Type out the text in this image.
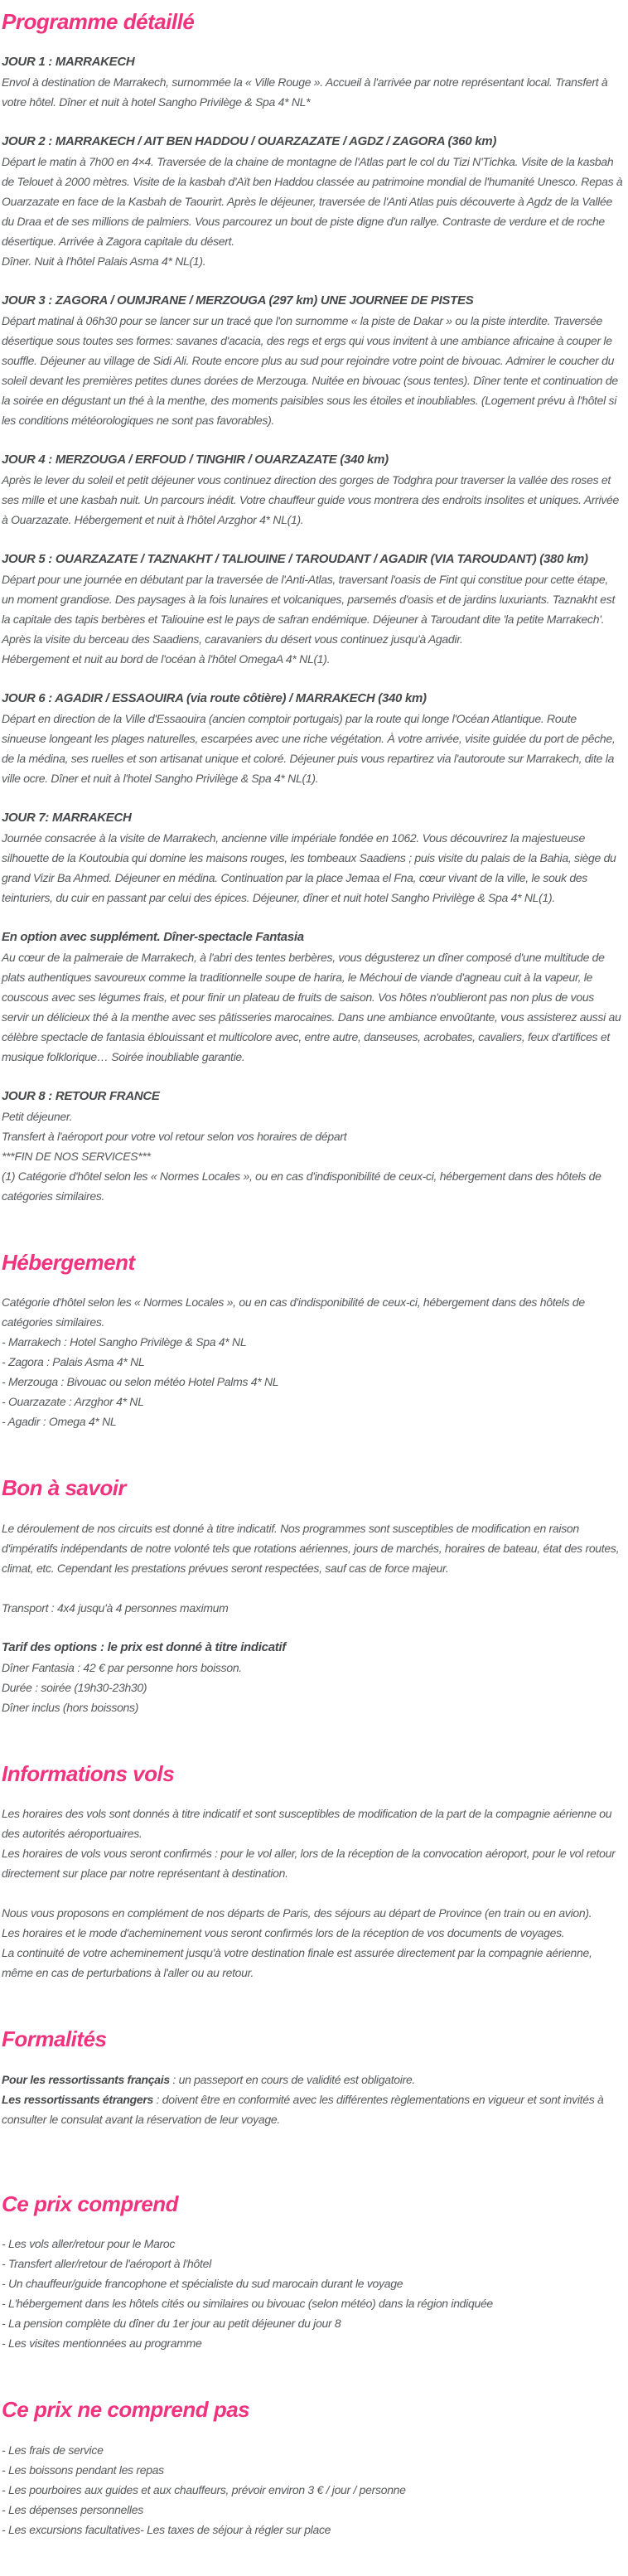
Programme détaillé
JOUR 1 : MARRAKECH

Envol à destination de Marrakech, surnommée la « Ville Rouge ». Accueil à l'arrivée par notre représentant local. Transfert à votre hôtel. Dîner et nuit à hotel Sangho Privilège & Spa 4* NL*

JOUR 2 : MARRAKECH / AIT BEN HADDOU / OUARZAZATE / AGDZ / ZAGORA (360 km)

Départ le matin à 7h00 en 4×4. Traversée de la chaine de montagne de l'Atlas part le col du Tizi N'Tichka. Visite de la kasbah de Telouet à 2000 mètres. Visite de la kasbah d'Aït ben Haddou classée au patrimoine mondial de l'humanité Unesco. Repas à Ouarzazate en face de la Kasbah de Taourirt. Après le déjeuner, traversée de l'Anti Atlas puis découverte à Agdz de la Vallée du Draa et de ses millions de palmiers. Vous parcourez un bout de piste digne d'un rallye. Contraste de verdure et de roche désertique. Arrivée à Zagora capitale du désert.

Dîner. Nuit à l'hôtel Palais Asma 4* NL(1).

JOUR 3 : ZAGORA / OUMJRANE / MERZOUGA (297 km) UNE JOURNEE DE PISTES

Départ matinal à 06h30 pour se lancer sur un tracé que l'on surnomme « la piste de Dakar » ou la piste interdite. Traversée désertique sous toutes ses formes: savanes d'acacia, des regs et ergs qui vous invitent à une ambiance africaine à couper le souffle. Déjeuner au village de Sidi Ali. Route encore plus au sud pour rejoindre votre point de bivouac. Admirer le coucher du soleil devant les premières petites dunes dorées de Merzouga. Nuitée en bivouac (sous tentes). Dîner tente et continuation de la soirée en dégustant un thé à la menthe, des moments paisibles sous les étoiles et inoubliables. (Logement prévu à l'hôtel si les conditions météorologiques ne sont pas favorables).

JOUR 4 : MERZOUGA / ERFOUD / TINGHIR / OUARZAZATE (340 km)

Après le lever du soleil et petit déjeuner vous continuez direction des gorges de Todghra pour traverser la vallée des roses et ses mille et une kasbah nuit. Un parcours inédit. Votre chauffeur guide vous montrera des endroits insolites et uniques. Arrivée à Ouarzazate. Hébergement et nuit à l'hôtel Arzghor 4* NL(1).

JOUR 5 : OUARZAZATE / TAZNAKHT / TALIOUINE / TAROUDANT / AGADIR (VIA TAROUDANT) (380 km)

Départ pour une journée en débutant par la traversée de l'Anti-Atlas, traversant l'oasis de Fint qui constitue pour cette étape, un moment grandiose. Des paysages à la fois lunaires et volcaniques, parsemés d'oasis et de jardins luxuriants. Taznakht est la capitale des tapis berbères et Taliouine est le pays de safran endémique. Déjeuner à Taroudant dite 'la petite Marrakech'. Après la visite du berceau des Saadiens, caravaniers du désert vous continuez jusqu'à Agadir.

Hébergement et nuit au bord de l'océan à l'hôtel OmegaA 4* NL(1).

JOUR 6 : AGADIR / ESSAOUIRA (via route côtière) / MARRAKECH (340 km)

Départ en direction de la Ville d'Essaouira (ancien comptoir portugais) par la route qui longe l'Océan Atlantique. Route sinueuse longeant les plages naturelles, escarpées avec une riche végétation. À votre arrivée, visite guidée du port de pêche, de la médina, ses ruelles et son artisanat unique et coloré. Déjeuner puis vous repartirez via l'autoroute sur Marrakech, dite la ville ocre. Dîner et nuit à l'hotel Sangho Privilège & Spa 4* NL(1).

JOUR 7: MARRAKECH

Journée consacrée à la visite de Marrakech, ancienne ville impériale fondée en 1062. Vous découvrirez la majestueuse silhouette de la Koutoubia qui domine les maisons rouges, les tombeaux Saadiens ; puis visite du palais de la Bahia, siège du grand Vizir Ba Ahmed. Déjeuner en médina. Continuation par la place Jemaa el Fna, cœur vivant de la ville, le souk des teinturiers, du cuir en passant par celui des épices. Déjeuner, dîner et nuit hotel Sangho Privilège & Spa 4* NL(1).

En option avec supplément. Dîner-spectacle Fantasia

Au cœur de la palmeraie de Marrakech, à l'abri des tentes berbères, vous dégusterez un dîner composé d'une multitude de plats authentiques savoureux comme la traditionnelle soupe de harira, le Méchoui de viande d'agneau cuit à la vapeur, le couscous avec ses légumes frais, et pour finir un plateau de fruits de saison. Vos hôtes n'oublieront pas non plus de vous servir un délicieux thé à la menthe avec ses pâtisseries marocaines. Dans une ambiance envoûtante, vous assisterez aussi au célèbre spectacle de fantasia éblouissant et multicolore avec, entre autre, danseuses, acrobates, cavaliers, feux d'artifices et musique folklorique… Soirée inoubliable garantie.

JOUR 8 : RETOUR FRANCE

Petit déjeuner.

Transfert à l'aéroport pour votre vol retour selon vos horaires de départ

***FIN DE NOS SERVICES***

(1) Catégorie d'hôtel selon les « Normes Locales », ou en cas d'indisponibilité de ceux-ci, hébergement dans des hôtels de catégories similaires.

Hébergement

Catégorie d'hôtel selon les « Normes Locales », ou en cas d'indisponibilité de ceux-ci, hébergement dans des hôtels de catégories similaires.

- Marrakech : Hotel Sangho Privilège & Spa 4* NL

- Zagora : Palais Asma 4* NL

- Merzouga : Bivouac ou selon météo Hotel Palms 4* NL

- Ouarzazate : Arzghor 4* NL

- Agadir : Omega 4* NL

Bon à savoir

Le déroulement de nos circuits est donné à titre indicatif. Nos programmes sont susceptibles de modification en raison d'impératifs indépendants de notre volonté tels que rotations aériennes, jours de marchés, horaires de bateau, état des routes, climat, etc. Cependant les prestations prévues seront respectées, sauf cas de force majeur.

Transport : 4x4 jusqu'à 4 personnes maximum

Tarif des options : le prix est donné à titre indicatif

Dîner Fantasia : 42 € par personne hors boisson.

Durée : soirée (19h30-23h30)

Dîner inclus (hors boissons)

Informations vols

Les horaires des vols sont donnés à titre indicatif et sont susceptibles de modification de la part de la compagnie aérienne ou des autorités aéroportuaires.

Les horaires de vols vous seront confirmés : pour le vol aller, lors de la réception de la convocation aéroport, pour le vol retour directement sur place par notre représentant à destination.

Nous vous proposons en complément de nos départs de Paris, des séjours au départ de Province (en train ou en avion).

Les horaires et le mode d'acheminement vous seront confirmés lors de la réception de vos documents de voyages.

La continuité de votre acheminement jusqu'à votre destination finale est assurée directement par la compagnie aérienne, même en cas de perturbations à l'aller ou au retour.

Formalités

Pour les ressortissants français : un passeport en cours de validité est obligatoire.

Les ressortissants étrangers : doivent être en conformité avec les différentes règlementations en vigueur et sont invités à consulter le consulat avant la réservation de leur voyage.

Ce prix comprend

- Les vols aller/retour pour le Maroc

- Transfert aller/retour de l'aéroport à l'hôtel

- Un chauffeur/guide francophone et spécialiste du sud marocain durant le voyage

- L'hébergement dans les hôtels cités ou similaires ou bivouac (selon météo) dans la région indiquée

- La pension complète du dîner du 1er jour au petit déjeuner du jour 8

- Les visites mentionnées au programme

Ce prix ne comprend pas

- Les frais de service

- Les boissons pendant les repas

- Les pourboires aux guides et aux chauffeurs, prévoir environ 3 € / jour / personne

- Les dépenses personnelles

- Les excursions facultatives- Les taxes de séjour à régler sur place
